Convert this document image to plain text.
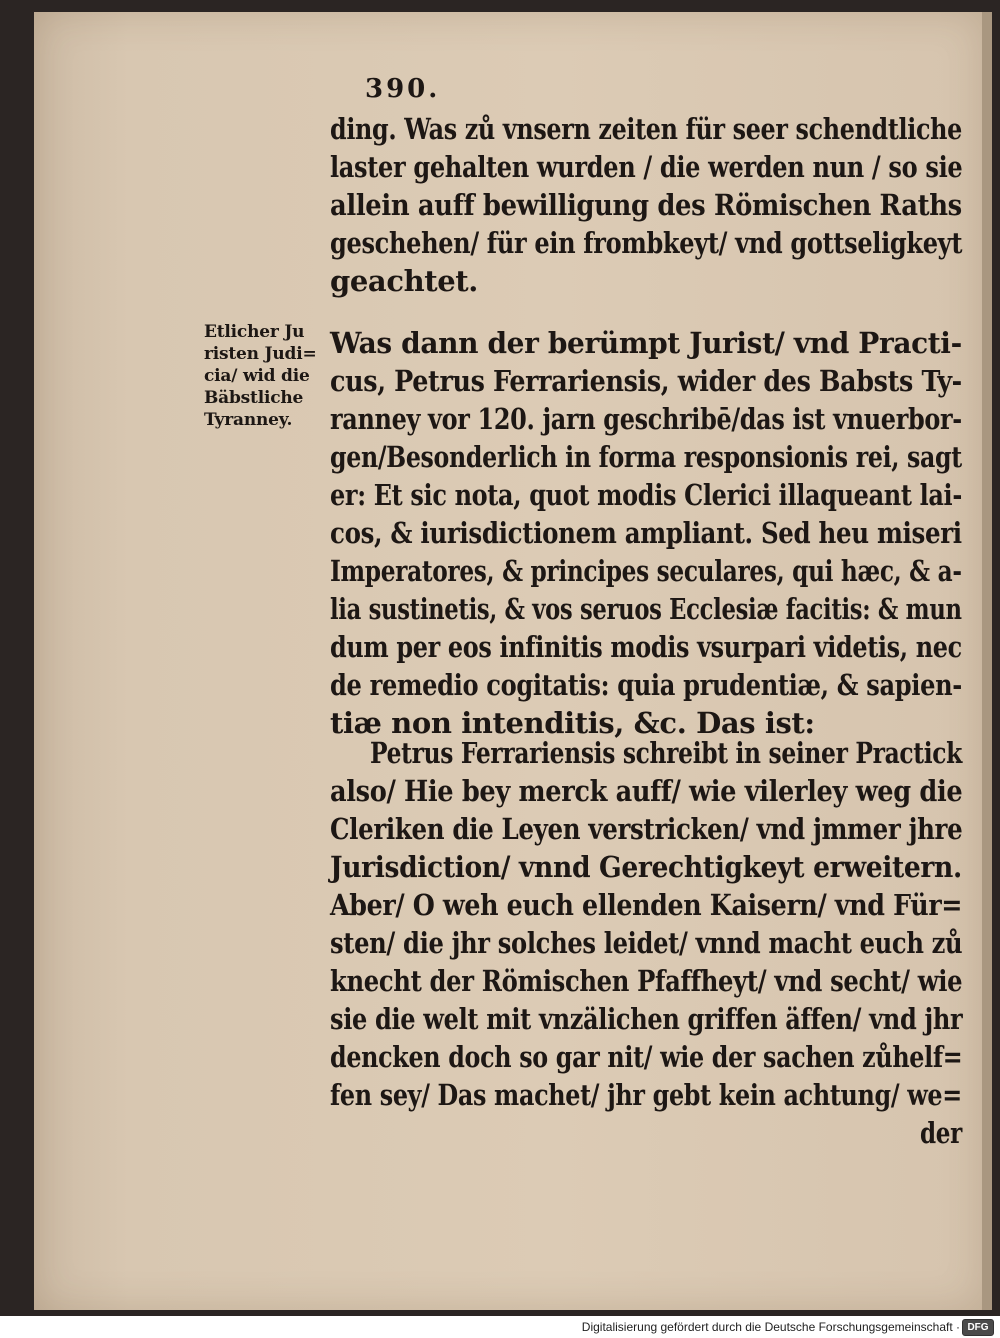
390.
ding. Was zů vnsern zeiten für seer schendtliche
laster gehalten wurden / die werden nun / so sie
allein auff bewilligung des Römischen Raths
geschehen/ für ein frombkeyt/ vnd gottseligkeyt
geachtet.
Etlicher Ju
risten Judi=
cia/ wid die
Bäbstliche
Tyranney.
Was dann der berümpt Jurist/ vnd Practi-
cus, Petrus Ferrariensis, wider des Babsts Ty-
ranney vor 120. jarn geschribē/das ist vnuerbor-
gen/Besonderlich in forma responsionis rei, sagt
er: Et sic nota, quot modis Clerici illaqueant lai-
cos, & iurisdictionem ampliant. Sed heu miseri
Imperatores, & principes seculares, qui hæc, & a-
lia sustinetis, & vos seruos Ecclesiæ facitis: & mun
dum per eos infinitis modis vsurpari videtis, nec
de remedio cogitatis: quia prudentiæ, & sapien-
tiæ non intenditis, &c. Das ist:
Petrus Ferrariensis schreibt in seiner Practick
also/ Hie bey merck auff/ wie vilerley weg die
Cleriken die Leyen verstricken/ vnd jmmer jhre
Jurisdiction/ vnnd Gerechtigkeyt erweitern.
Aber/ O weh euch ellenden Kaisern/ vnd Für=
sten/ die jhr solches leidet/ vnnd macht euch zů
knecht der Römischen Pfaffheyt/ vnd secht/ wie
sie die welt mit vnzälichen griffen äffen/ vnd jhr
dencken doch so gar nit/ wie der sachen zůhelf=
fen sey/ Das machet/ jhr gebt kein achtung/ we=
der
Digitalisierung gefördert durch die Deutsche Forschungsgemeinschaft · DFG
